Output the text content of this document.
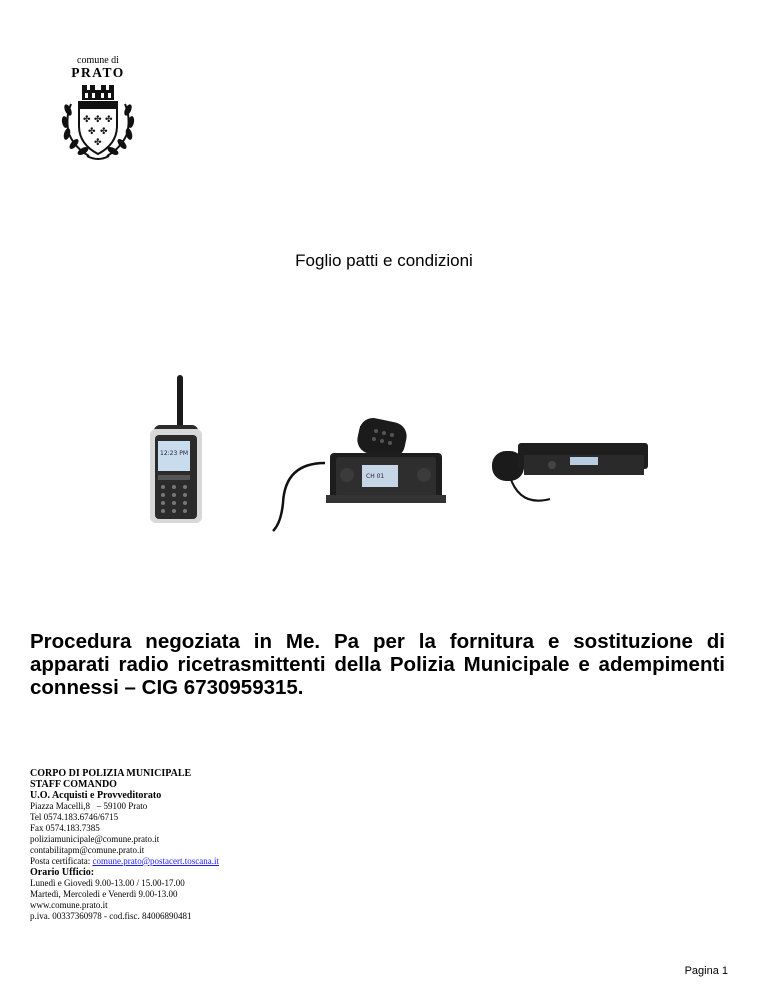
comune di
PRATO
✤ ✤ ✤
✤ ✤
✤
Foglio patti e condizioni
12:23 PM
CH 01
Procedura negoziata in Me. Pa per la fornitura e sostituzione di apparati radio ricetrasmittenti della Polizia Municipale e adempimenti connessi – CIG 6730959315.
CORPO DI POLIZIA MUNICIPALE
STAFF COMANDO
U.O. Acquisti e Provveditorato
Piazza Macelli,8   – 59100 Prato
Tel 0574.183.6746/6715
Fax 0574.183.7385
poliziamunicipale@comune.prato.it
contabilitapm@comune.prato.it
Posta certificata: comune.prato@postacert.toscana.it
Orario Ufficio:
Lunedì e Giovedì 9.00-13.00 / 15.00-17.00
Martedì, Mercoledì e Venerdì 9.00-13.00
www.comune.prato.it
p.iva. 00337360978 - cod.fisc. 84006890481
Pagina 1
